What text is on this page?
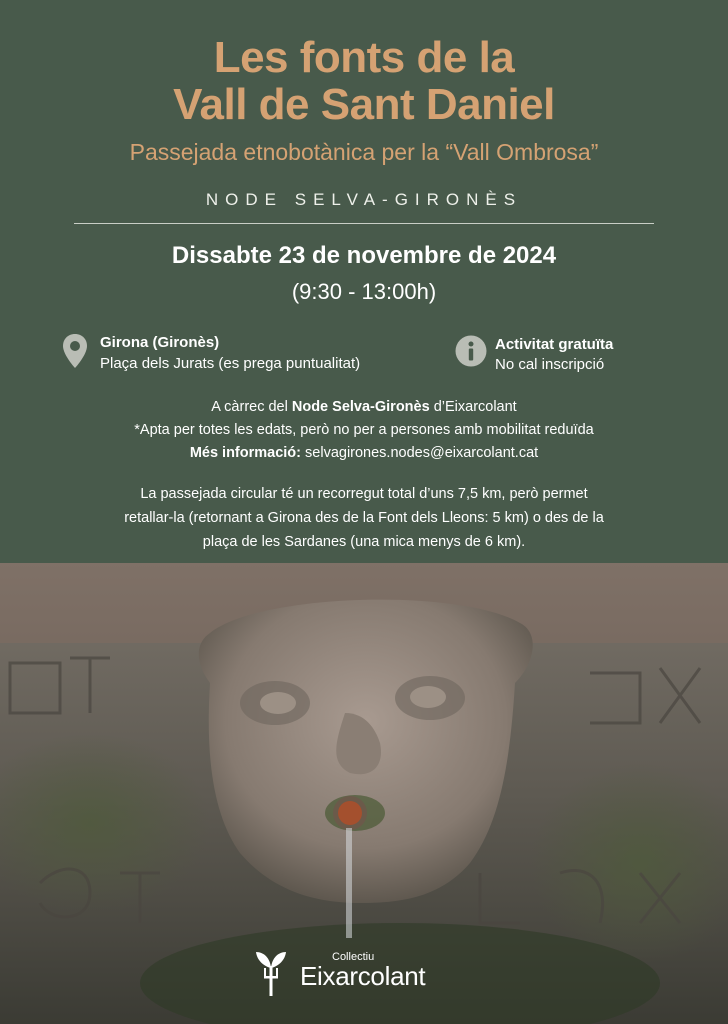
Les fonts de la
Vall de Sant Daniel
Passejada etnobotànica per la “Vall Ombrosa”
NODE SELVA-GIRONÈS
Dissabte 23 de novembre de 2024
(9:30 - 13:00h)
Girona (Gironès)
Plaça dels Jurats (es prega puntualitat)
Activitat gratuïta
No cal inscripció
A càrrec del Node Selva-Gironès d’Eixarcolant
*Apta per totes les edats, però no per a persones amb mobilitat reduïda
Més informació: selvagirones.nodes@eixarcolant.cat
La passejada circular té un recorregut total d’uns 7,5 km, però permet
retallar-la (retornant a Girona des de la Font dels Lleons: 5 km) o des de la
plaça de les Sardanes (una mica menys de 6 km).
Collectiu
Eixarcolant
